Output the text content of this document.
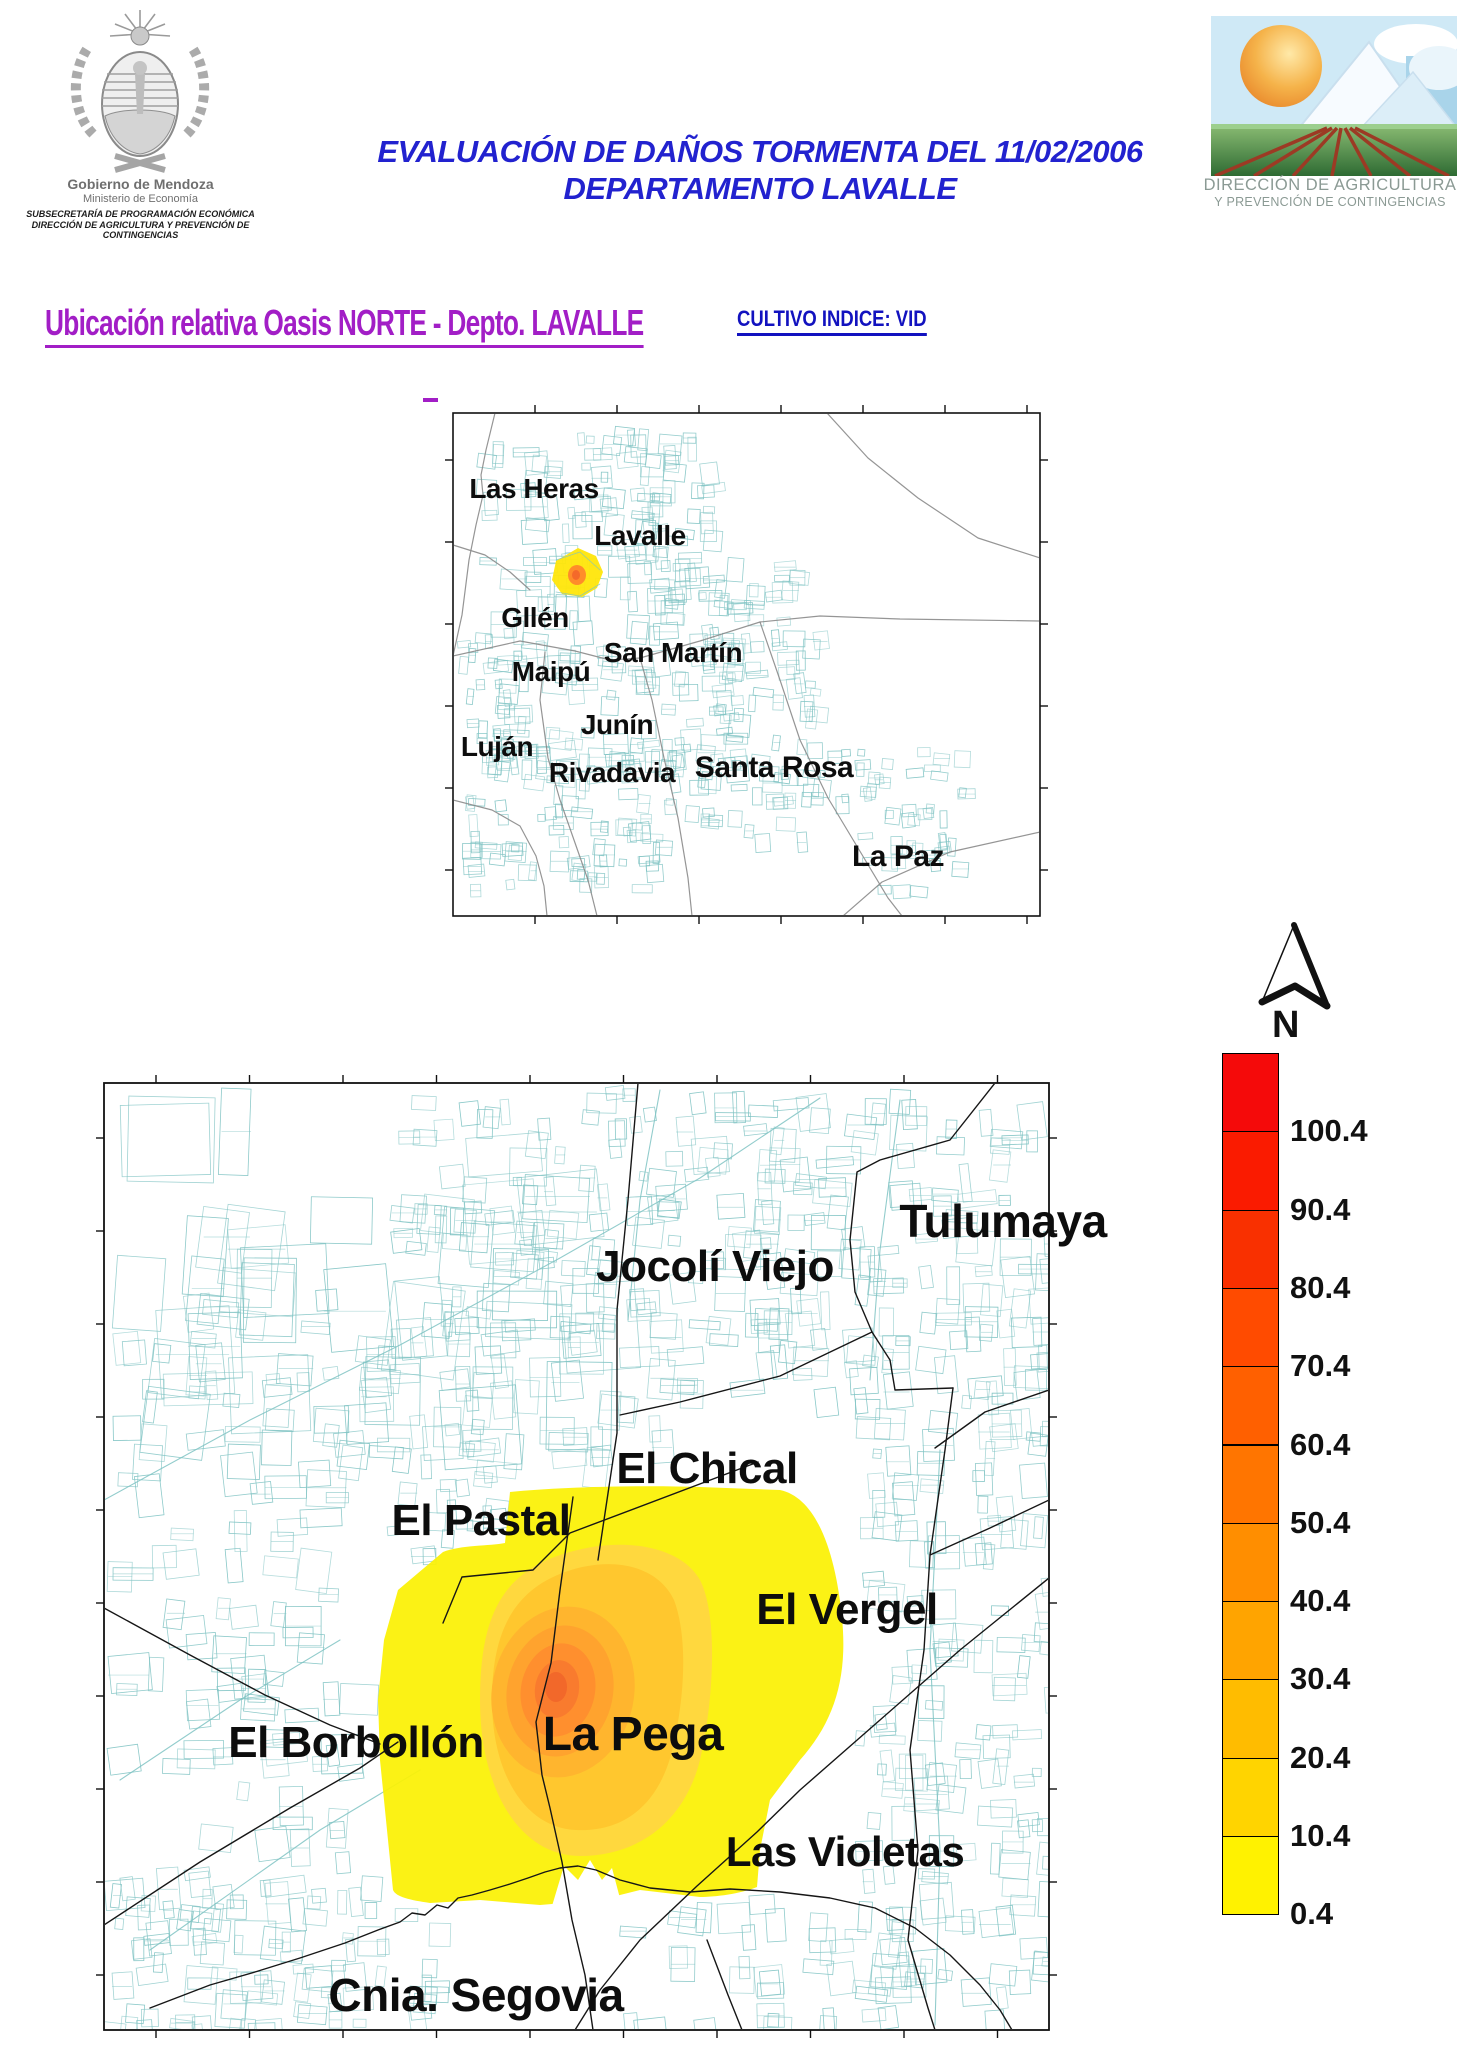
Gobierno de Mendoza
Ministerio de Economía
SUBSECRETARÍA DE PROGRAMACIÓN ECONÓMICA
DIRECCIÓN DE AGRICULTURA Y PREVENCIÓN DE CONTINGENCIAS
EVALUACIÓN DE DAÑOS TORMENTA DEL 11/02/2006
DEPARTAMENTO LAVALLE	DIRECCIÓN DE AGRICULTURA
Y PREVENCIÓN DE CONTINGENCIAS
Ubicación relativa Oasis NORTE - Depto. LAVALLE	CULTIVO INDICE: VID
Las Heras
Lavalle
Gllén
Maipú
San Martín
Junín
Luján
Rivadavia Santa Rosa
La Paz
Tulumaya
Jocolí Viejo
El Chical
El Pastal
El Vergel
El Borbollón La Pega
Las Violetas
Cnia. Segovia
100.4
90.4
80.4
70.4
60.4
50.4
40.4
30.4
20.4
10.4
0.4
N
